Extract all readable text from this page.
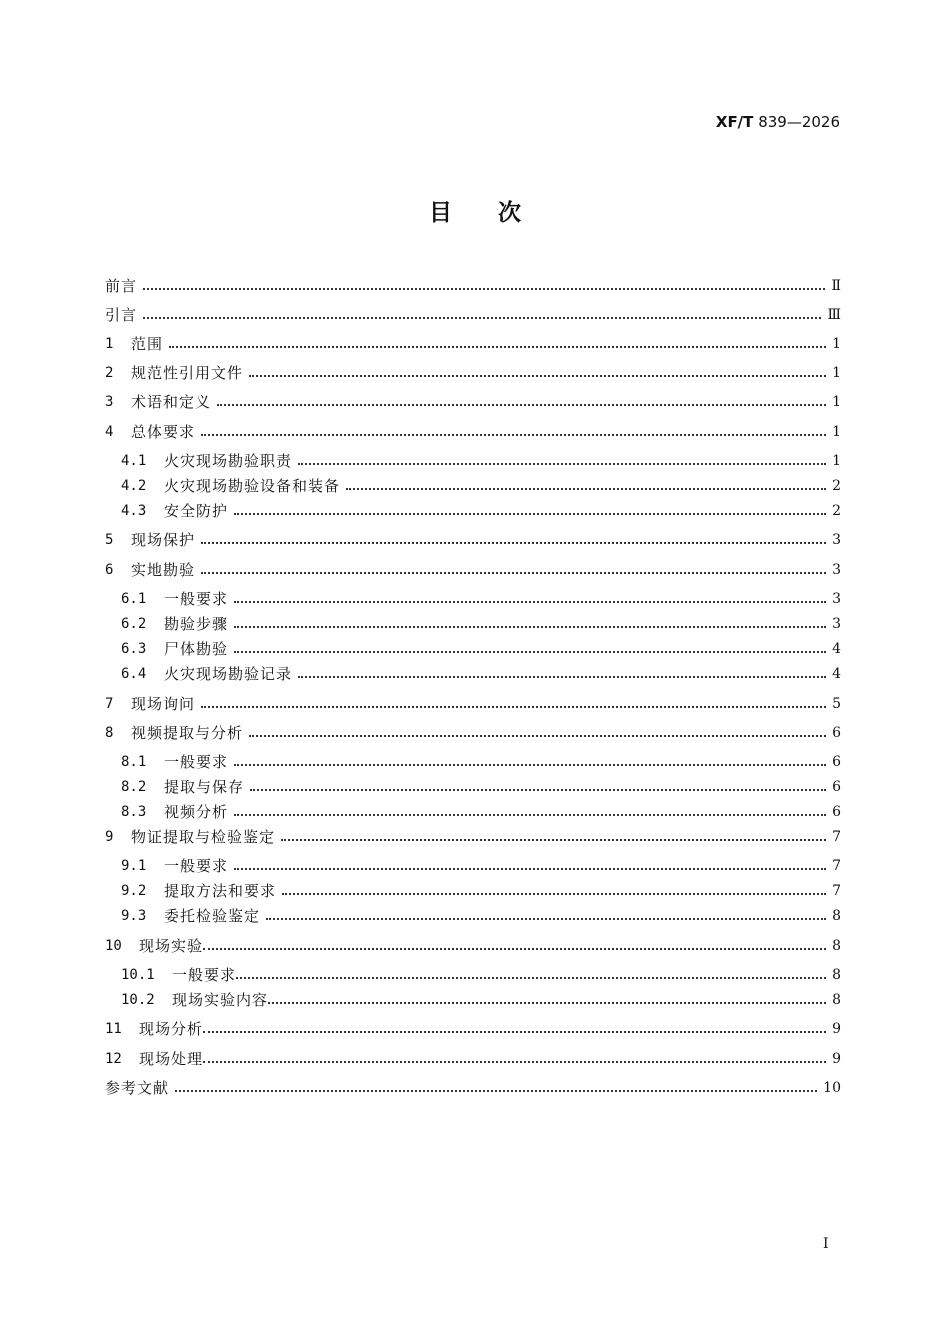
XF/T 839—2026
目 次
前言	Ⅱ
引言	Ⅲ
1	范围	1
2	规范性引用文件	1
3	术语和定义	1
4	总体要求	1
4.1	火灾现场勘验职责	1
4.2	火灾现场勘验设备和装备	2
4.3	安全防护	2
5	现场保护	3
6	实地勘验	3
6.1	一般要求	3
6.2	勘验步骤	3
6.3	尸体勘验	4
6.4	火灾现场勘验记录	4
7	现场询问	5
8	视频提取与分析	6
8.1	一般要求	6
8.2	提取与保存	6
8.3	视频分析	6
9	物证提取与检验鉴定	7
9.1	一般要求	7
9.2	提取方法和要求	7
9.3	委托检验鉴定	8
10	现场实验	8
10.1	一般要求	8
10.2	现场实验内容	8
11	现场分析	9
12	现场处理	9
参考文献	10
I
